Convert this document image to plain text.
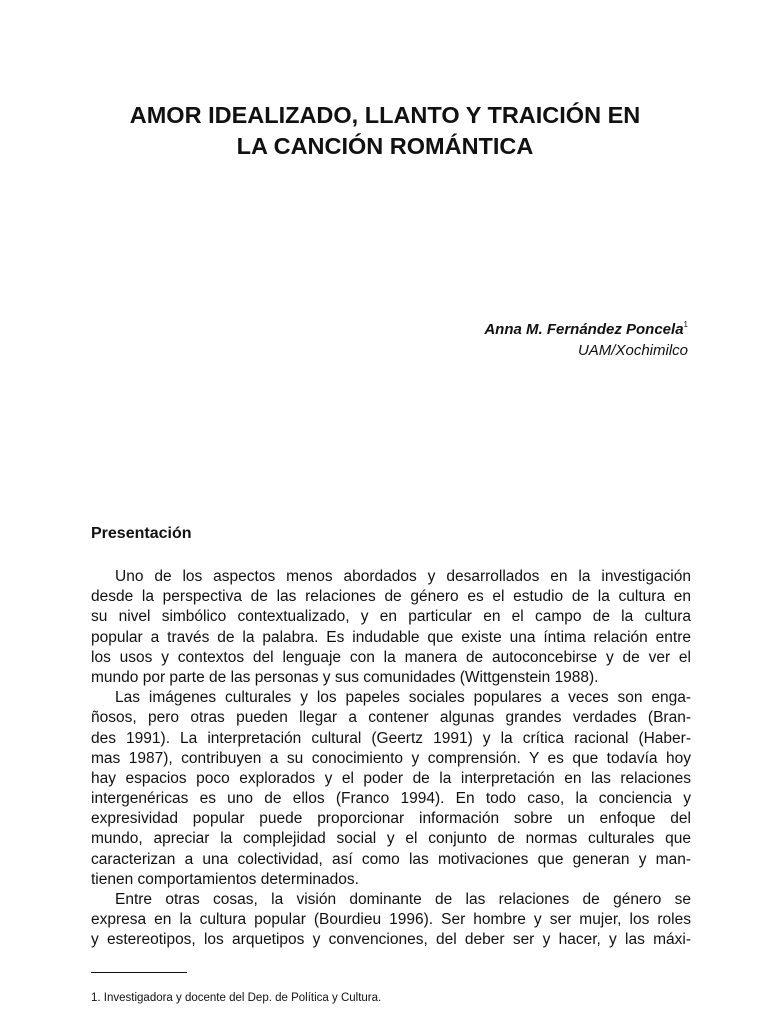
AMOR IDEALIZADO, LLANTO Y TRAICIÓN EN
LA CANCIÓN ROMÁNTICA
Anna M. Fernández Poncela$^1$
UAM/Xochimilco
Presentación
Uno de los aspectos menos abordados y desarrollados en la investigación
desde la perspectiva de las relaciones de género es el estudio de la cultura en
su nivel simbólico contextualizado, y en particular en el campo de la cultura
popular a través de la palabra. Es indudable que existe una íntima relación entre
los usos y contextos del lenguaje con la manera de autoconcebirse y de ver el
mundo por parte de las personas y sus comunidades (Wittgenstein 1988).
Las imágenes culturales y los papeles sociales populares a veces son enga-
ñosos, pero otras pueden llegar a contener algunas grandes verdades (Bran-
des 1991). La interpretación cultural (Geertz 1991) y la crítica racional (Haber-
mas 1987), contribuyen a su conocimiento y comprensión. Y es que todavía hoy
hay espacios poco explorados y el poder de la interpretación en las relaciones
intergenéricas es uno de ellos (Franco 1994). En todo caso, la conciencia y
expresividad popular puede proporcionar información sobre un enfoque del
mundo, apreciar la complejidad social y el conjunto de normas culturales que
caracterizan a una colectividad, así como las motivaciones que generan y man-
tienen comportamientos determinados.
Entre otras cosas, la visión dominante de las relaciones de género se
expresa en la cultura popular (Bourdieu 1996). Ser hombre y ser mujer, los roles
y estereotipos, los arquetipos y convenciones, del deber ser y hacer, y las máxi-
1. Investigadora y docente del Dep. de Política y Cultura.
